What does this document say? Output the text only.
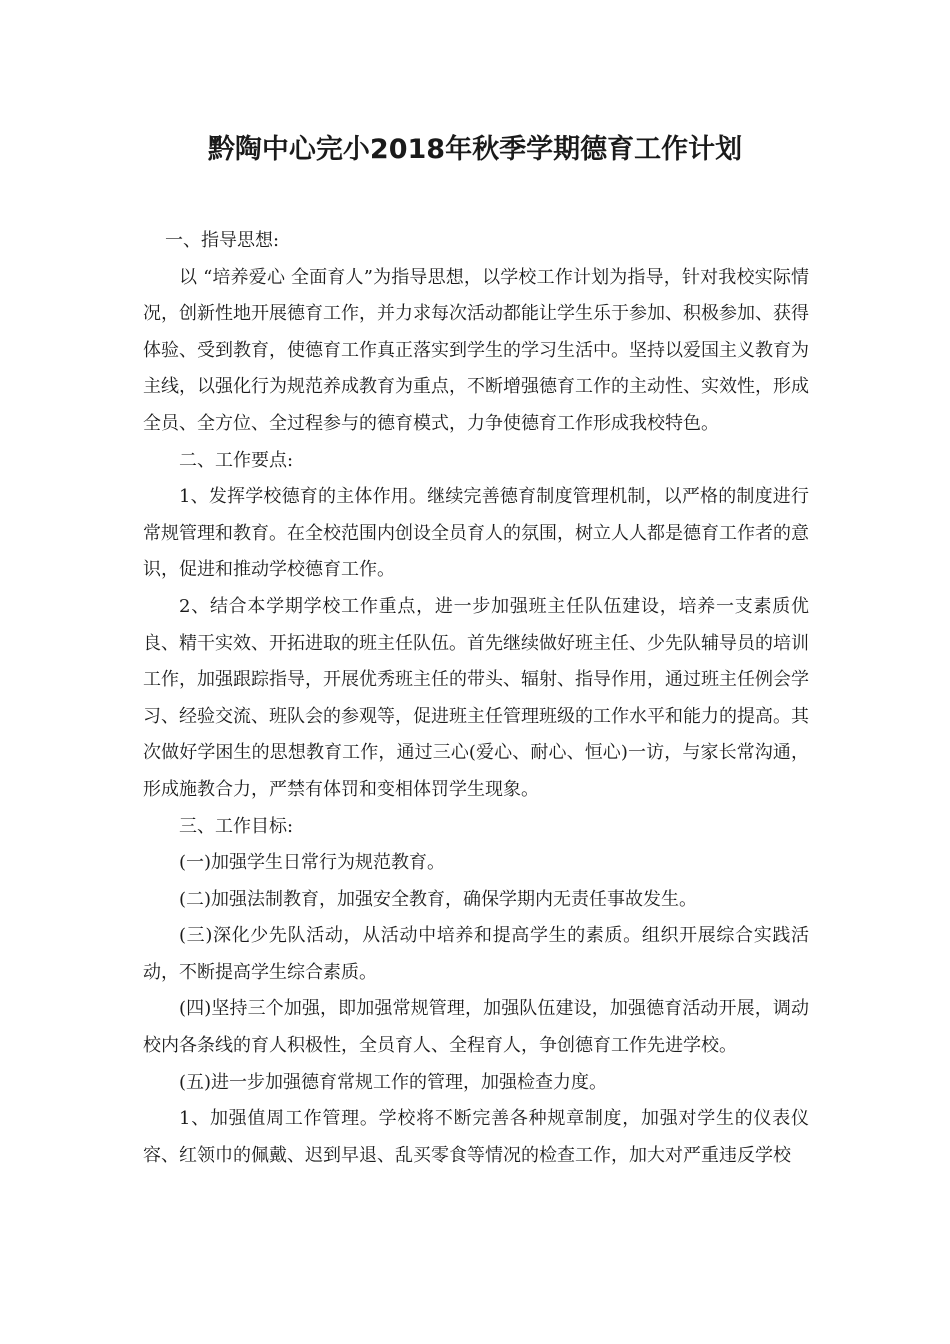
黔陶中心完小2018年秋季学期德育工作计划

一、指导思想:

以 “培养爱心 全面育人”为指导思想，以学校工作计划为指导，针对我校实际情况，创新性地开展德育工作，并力求每次活动都能让学生乐于参加、积极参加、获得体验、受到教育，使德育工作真正落实到学生的学习生活中。坚持以爱国主义教育为主线，以强化行为规范养成教育为重点，不断增强德育工作的主动性、实效性，形成全员、全方位、全过程参与的德育模式，力争使德育工作形成我校特色。

二、工作要点:

1、发挥学校德育的主体作用。继续完善德育制度管理机制，以严格的制度进行常规管理和教育。在全校范围内创设全员育人的氛围，树立人人都是德育工作者的意识，促进和推动学校德育工作。

2、结合本学期学校工作重点，进一步加强班主任队伍建设，培养一支素质优良、精干实效、开拓进取的班主任队伍。首先继续做好班主任、少先队辅导员的培训工作，加强跟踪指导，开展优秀班主任的带头、辐射、指导作用，通过班主任例会学习、经验交流、班队会的参观等，促进班主任管理班级的工作水平和能力的提高。其次做好学困生的思想教育工作，通过三心(爱心、耐心、恒心)一访，与家长常沟通，形成施教合力，严禁有体罚和变相体罚学生现象。

三、工作目标:

(一)加强学生日常行为规范教育。

(二)加强法制教育，加强安全教育，确保学期内无责任事故发生。

(三)深化少先队活动，从活动中培养和提高学生的素质。组织开展综合实践活动，不断提高学生综合素质。

(四)坚持三个加强，即加强常规管理，加强队伍建设，加强德育活动开展，调动校内各条线的育人积极性，全员育人、全程育人，争创德育工作先进学校。

(五)进一步加强德育常规工作的管理，加强检查力度。

1、加强值周工作管理。学校将不断完善各种规章制度，加强对学生的仪表仪容、红领巾的佩戴、迟到早退、乱买零食等情况的检查工作，加大对严重违反学校
